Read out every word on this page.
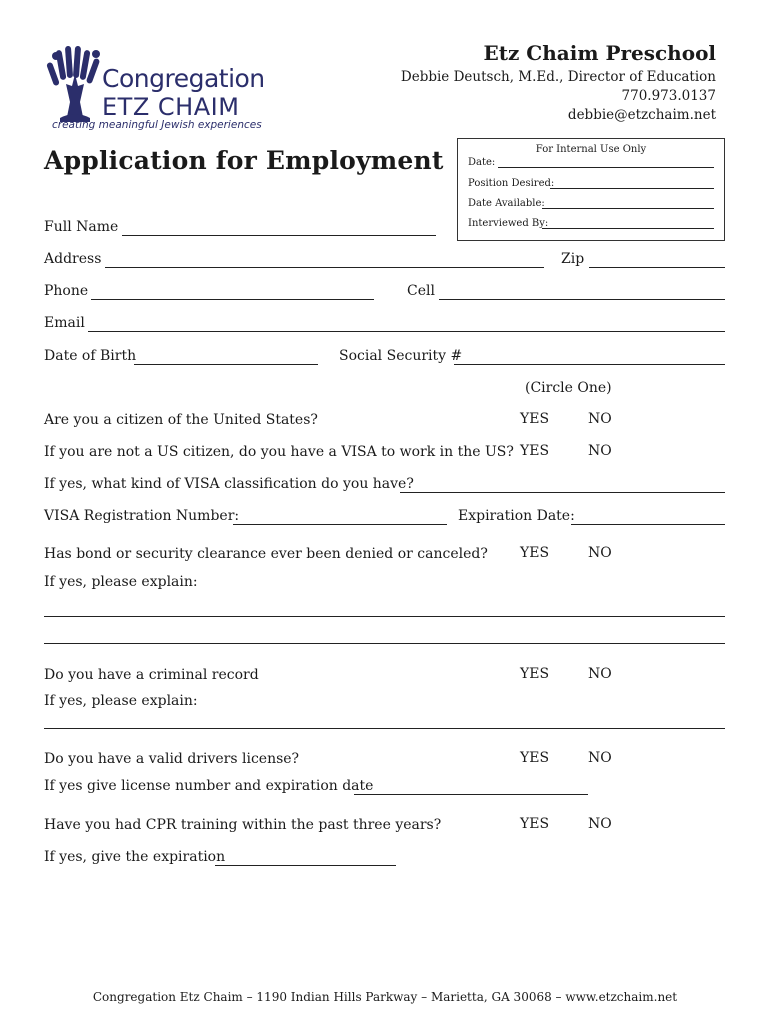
Congregation
ETZ CHAIM
creating meaningful Jewish experiences
Etz Chaim Preschool
Debbie Deutsch, M.Ed., Director of Education
770.973.0137
debbie@etzchaim.net
Application for Employment	For Internal Use Only
Date:
Position Desired:
Date Available:
Interviewed By:
Full Name
Address	Zip
Phone	Cell
Email
Date of Birth	Social Security #
(Circle One)
Are you a citizen of the United States?	YES	NO
If you are not a US citizen, do you have a VISA to work in the US? YES	NO
If yes, what kind of VISA classification do you have?
VISA Registration Number:	Expiration Date:
Has bond or security clearance ever been denied or canceled? YES	NO
If yes, please explain:
Do you have a criminal record	YES	NO
If yes, please explain:
Do you have a valid drivers license?	YES	NO
If yes give license number and expiration date
Have you had CPR training within the past three years?	YES	NO
If yes, give the expiration
Congregation Etz Chaim – 1190 Indian Hills Parkway – Marietta, GA 30068 – www.etzchaim.net
